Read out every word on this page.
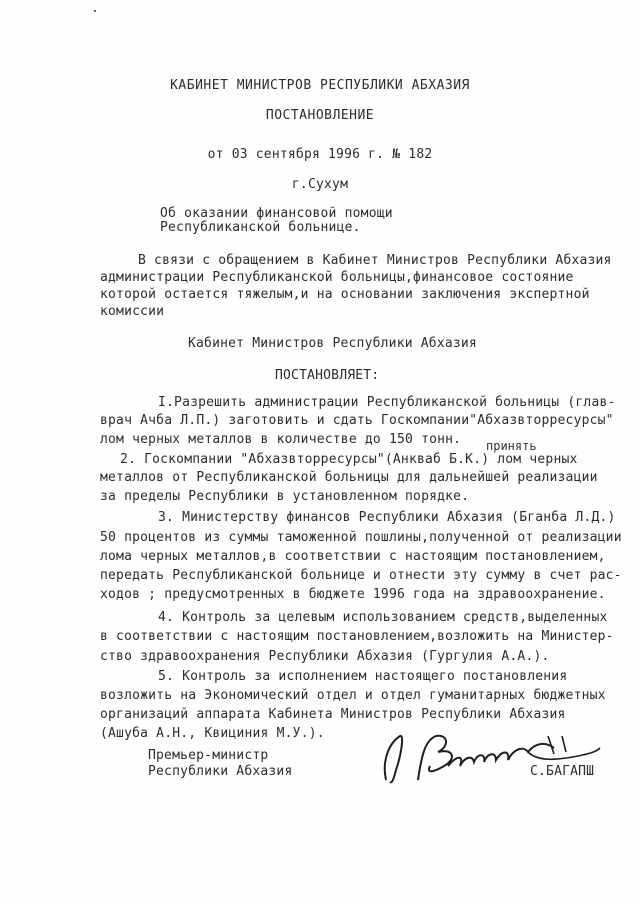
КАБИНЕТ МИНИСТРОВ РЕСПУБЛИКИ АБХАЗИЯ
ПОСТАНОВЛЕНИЕ
от 03 сентября 1996 г. № 182
г.Сухум
Об оказании финансовой помощи
Республиканской больнице.
В связи с обращением в Кабинет Министров Республики Абхазия
администрации Республиканской больницы,финансовое состояние
которой остается тяжелым,и на основании заключения экспертной
комиссии
Кабинет Министров Республики Абхазия
ПОСТАНОВЛЯЕТ:
I.Разрешить администрации Республиканской больницы (глав-
врач Ачба Л.П.) заготовить и сдать Госкомпании"Абхазвторресурсы"
лом черных металлов в количестве до 150 тонн. принять
2. Госкомпании "Абхазвторресурсы"(Анкваб Б.К.) лом черных
металлов от Республиканской больницы для дальнейшей реализации
за пределы Республики в установленном порядке.
3. Министерству финансов Республики Абхазия (Бганба Л.Д.)
50 процентов из суммы таможенной пошлины,полученной от реализации
лома черных металлов,в соответствии с настоящим постановлением,
передать Республиканской больнице и отнести эту сумму в счет рас-
ходов ; предусмотренных в бюджете 1996 года на здравоохранение.
4. Контроль за целевым использованием средств,выделенных
в соответствии с настоящим постановлением,возложить на Министер-
ство здравоохранения Республики Абхазия (Гургулия А.А.).
5. Контроль за исполнением настоящего постановления
возложить на Экономический отдел и отдел гуманитарных бюджетных
организаций аппарата Кабинета Министров Республики Абхазия
(Ашуба А.Н., Квициния М.У.).
Премьер-министр
Республики Абхазия	С.БАГАПШ
